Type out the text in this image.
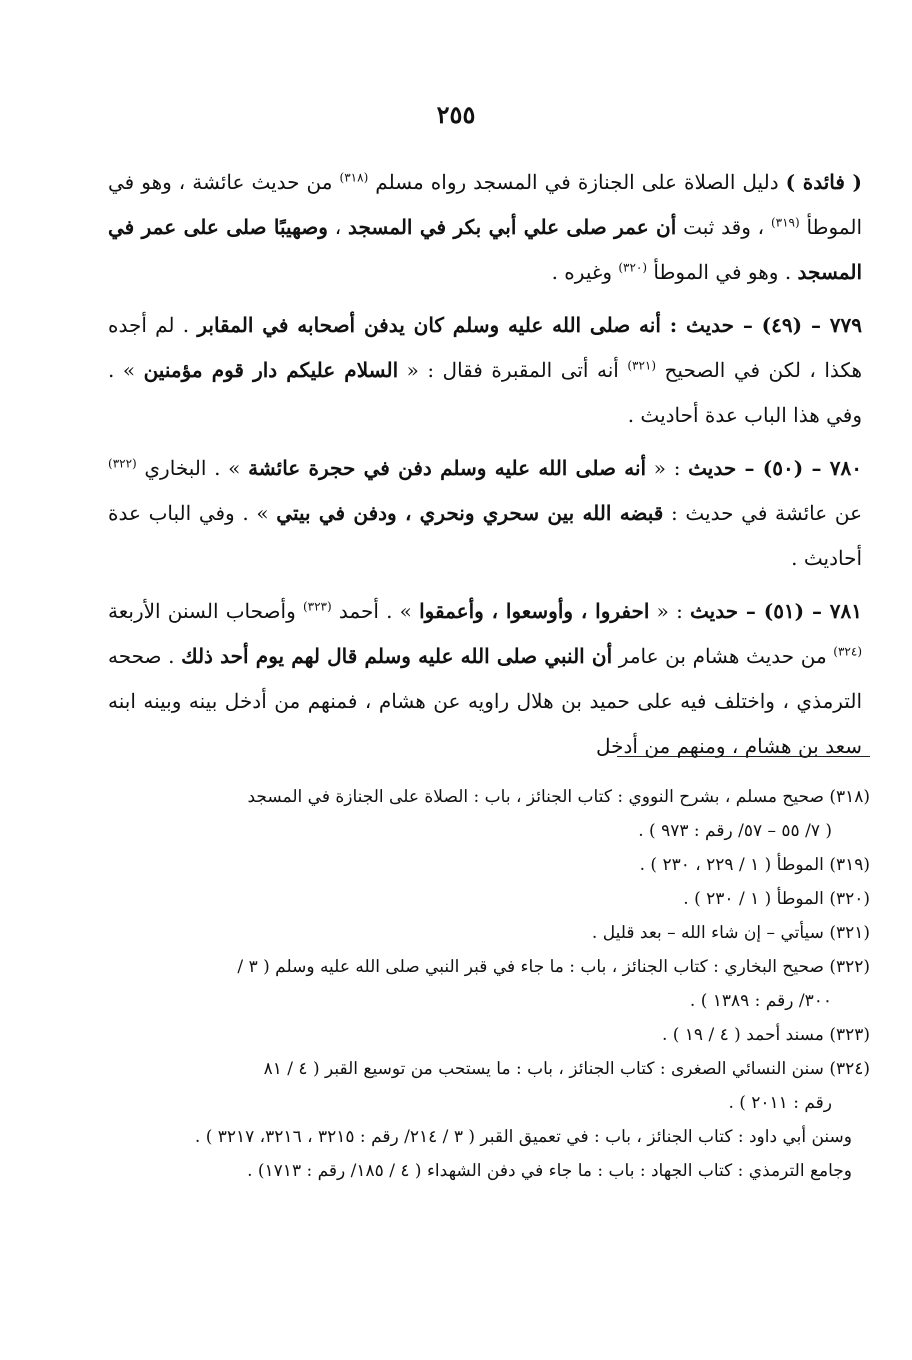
٢٥٥

( فائدة ) دليل الصلاة على الجنازة في المسجد رواه مسلم $^{(٣١٨)}$ من حديث عائشة ، وهو في الموطأ $^{(٣١٩)}$ ، وقد ثبت أن عمر صلى علي أبي بكر في المسجد ، وصهيبًا صلى على عمر في المسجد . وهو في الموطأ $^{(٣٢٠)}$ وغيره .

٧٧٩ – (٤٩) – حديث : أنه صلى الله عليه وسلم كان يدفن أصحابه في المقابر . لم أجده هكذا ، لكن في الصحيح $^{(٣٢١)}$ أنه أتى المقبرة فقال : « السلام عليكم دار قوم مؤمنين » . وفي هذا الباب عدة أحاديث .

٧٨٠ – (٥٠) – حديث : « أنه صلى الله عليه وسلم دفن في حجرة عائشة » . البخاري $^{(٣٢٢)}$ عن عائشة في حديث : قبضه الله بين سحري ونحري ، ودفن في بيتي » . وفي الباب عدة أحاديث .

٧٨١ – (٥١) – حديث : « احفروا ، وأوسعوا ، وأعمقوا » . أحمد $^{(٣٢٣)}$ وأصحاب السنن الأربعة $^{(٣٢٤)}$ من حديث هشام بن عامر أن النبي صلى الله عليه وسلم قال لهم يوم أحد ذلك . صححه الترمذي ، واختلف فيه على حميد بن هلال راويه عن هشام ، فمنهم من أدخل بينه وبينه ابنه سعد بن هشام ، ومنهم من أدخل

(٣١٨) صحيح مسلم ، بشرح النووي : كتاب الجنائز ، باب : الصلاة على الجنازة في المسجد
( ٧/ ٥٥ – ٥٧/ رقم : ٩٧٣ ) .

(٣١٩) الموطأ ( ١ / ٢٢٩ ، ٢٣٠ ) .

(٣٢٠) الموطأ ( ١ / ٢٣٠ ) .

(٣٢١) سيأتي – إن شاء الله – بعد قليل .

(٣٢٢) صحيح البخاري : كتاب الجنائز ، باب : ما جاء في قبر النبي صلى الله عليه وسلم ( ٣ /
٣٠٠/ رقم : ١٣٨٩ ) .

(٣٢٣) مسند أحمد ( ٤ / ١٩ ) .

(٣٢٤) سنن النسائي الصغرى : كتاب الجنائز ، باب : ما يستحب من توسيع القبر ( ٤ / ٨١
رقم : ٢٠١١ ) .

وسنن أبي داود : كتاب الجنائز ، باب : في تعميق القبر ( ٣ / ٢١٤/ رقم : ٣٢١٥ ، ٣٢١٦، ٣٢١٧ ) .

وجامع الترمذي : كتاب الجهاد : باب : ما جاء في دفن الشهداء ( ٤ / ١٨٥/ رقم : ١٧١٣) .
